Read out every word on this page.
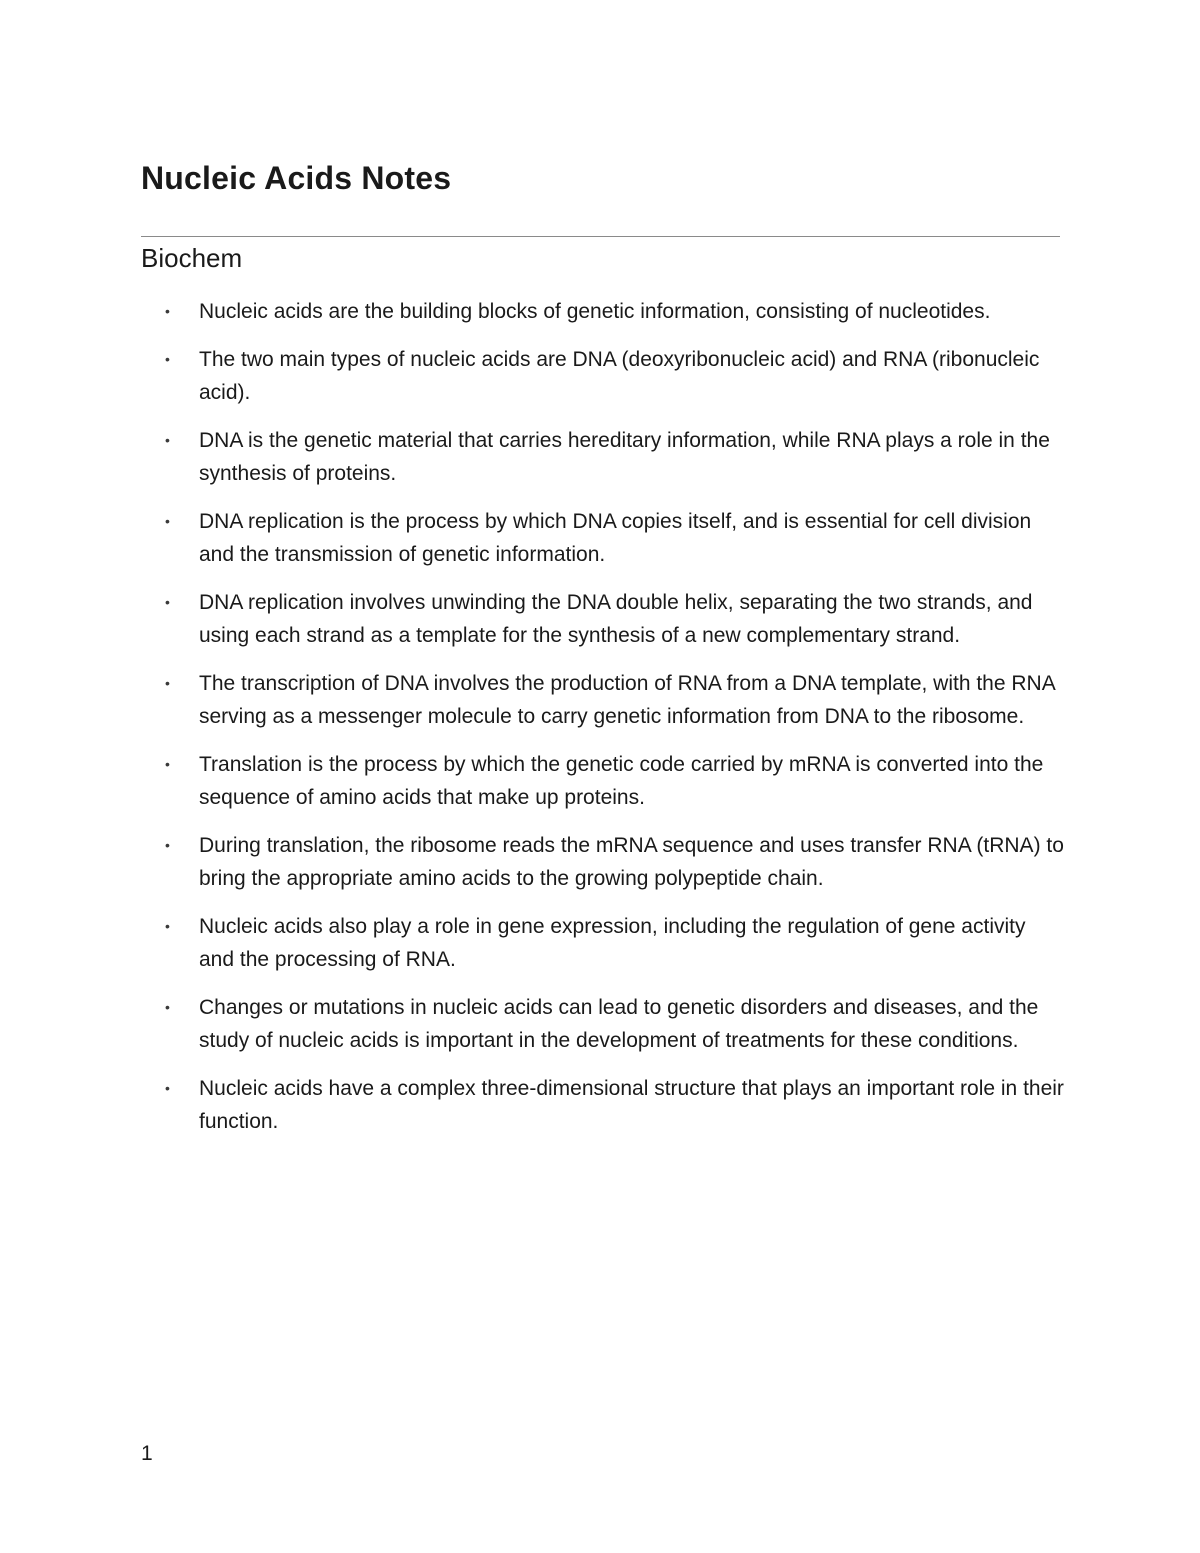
Nucleic Acids Notes
Biochem
• Nucleic acids are the building blocks of genetic information, consisting of nucleotides.
• The two main types of nucleic acids are DNA (deoxyribonucleic acid) and RNA (ribonucleic acid).
• DNA is the genetic material that carries hereditary information, while RNA plays a role in the synthesis of proteins.
• DNA replication is the process by which DNA copies itself, and is essential for cell division and the transmission of genetic information.
• DNA replication involves unwinding the DNA double helix, separating the two strands, and using each strand as a template for the synthesis of a new complementary strand.
• The transcription of DNA involves the production of RNA from a DNA template, with the RNA serving as a messenger molecule to carry genetic information from DNA to the ribosome.
• Translation is the process by which the genetic code carried by mRNA is converted into the sequence of amino acids that make up proteins.
• During translation, the ribosome reads the mRNA sequence and uses transfer RNA (tRNA) to bring the appropriate amino acids to the growing polypeptide chain.
• Nucleic acids also play a role in gene expression, including the regulation of gene activity and the processing of RNA.
• Changes or mutations in nucleic acids can lead to genetic disorders and diseases, and the study of nucleic acids is important in the development of treatments for these conditions.
• Nucleic acids have a complex three-dimensional structure that plays an important role in their function.
1
